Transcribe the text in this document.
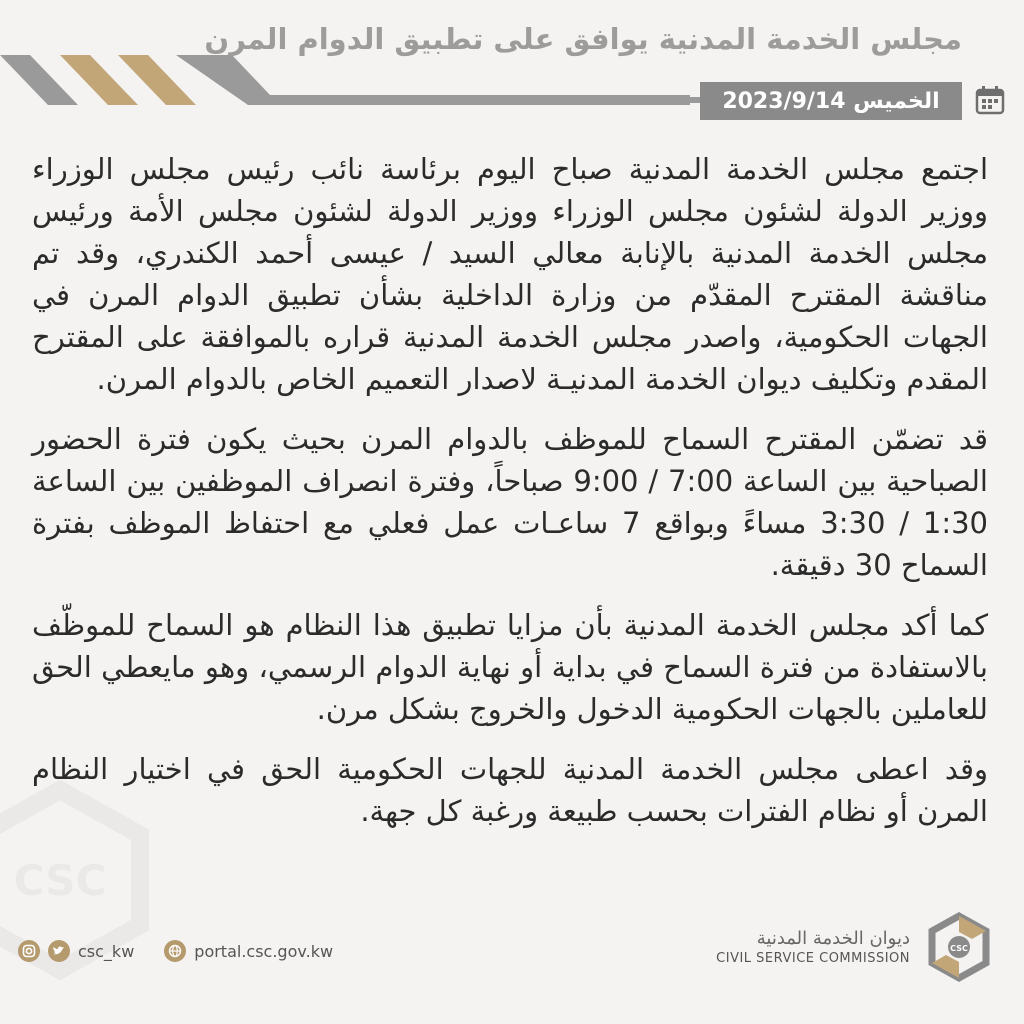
مجلس الخدمة المدنية يوافق على تطبيق الدوام المرن
الخميس 2023/9/14
CSC

اجتمع مجلس الخدمة المدنية صباح اليوم برئاسة نائب رئيس مجلس الوزراء ووزير الدولة لشئون مجلس الوزراء ووزير الدولة لشئون مجلس الأمة ورئيس مجلس الخدمة المدنية بالإنابة معالي السيد / عيسى أحمد الكندري، وقد تم مناقشة المقترح المقدّم من وزارة الداخلية بشأن تطبيق الدوام المرن في الجهات الحكومية، واصدر مجلس الخدمة المدنية قراره بالموافقة على المقترح المقدم وتكليف ديوان الخدمة المدنيـة لاصدار التعميم الخاص بالدوام المرن.

قد تضمّن المقترح السماح للموظف بالدوام المرن بحيث يكون فترة الحضور الصباحية بين الساعة 7:00 / 9:00 صباحاً، وفترة انصراف الموظفين بين الساعة 1:30 / 3:30 مساءً وبواقع 7 ساعـات عمل فعلي مع احتفاظ الموظف بفترة السماح 30 دقيقة.

كما أكد مجلس الخدمة المدنية بأن مزايا تطبيق هذا النظام هو السماح للموظّف بالاستفادة من فترة السماح في بداية أو نهاية الدوام الرسمي، وهو مايعطي الحق للعاملين بالجهات الحكومية الدخول والخروج بشكل مرن.

وقد اعطى مجلس الخدمة المدنية للجهات الحكومية الحق في اختيار النظام المرن أو نظام الفترات بحسب طبيعة ورغبة كل جهة.

csc_kw	portal.csc.gov.kw
ديوان الخدمة المدنية
CIVIL SERVICE COMMISSION
CSC
